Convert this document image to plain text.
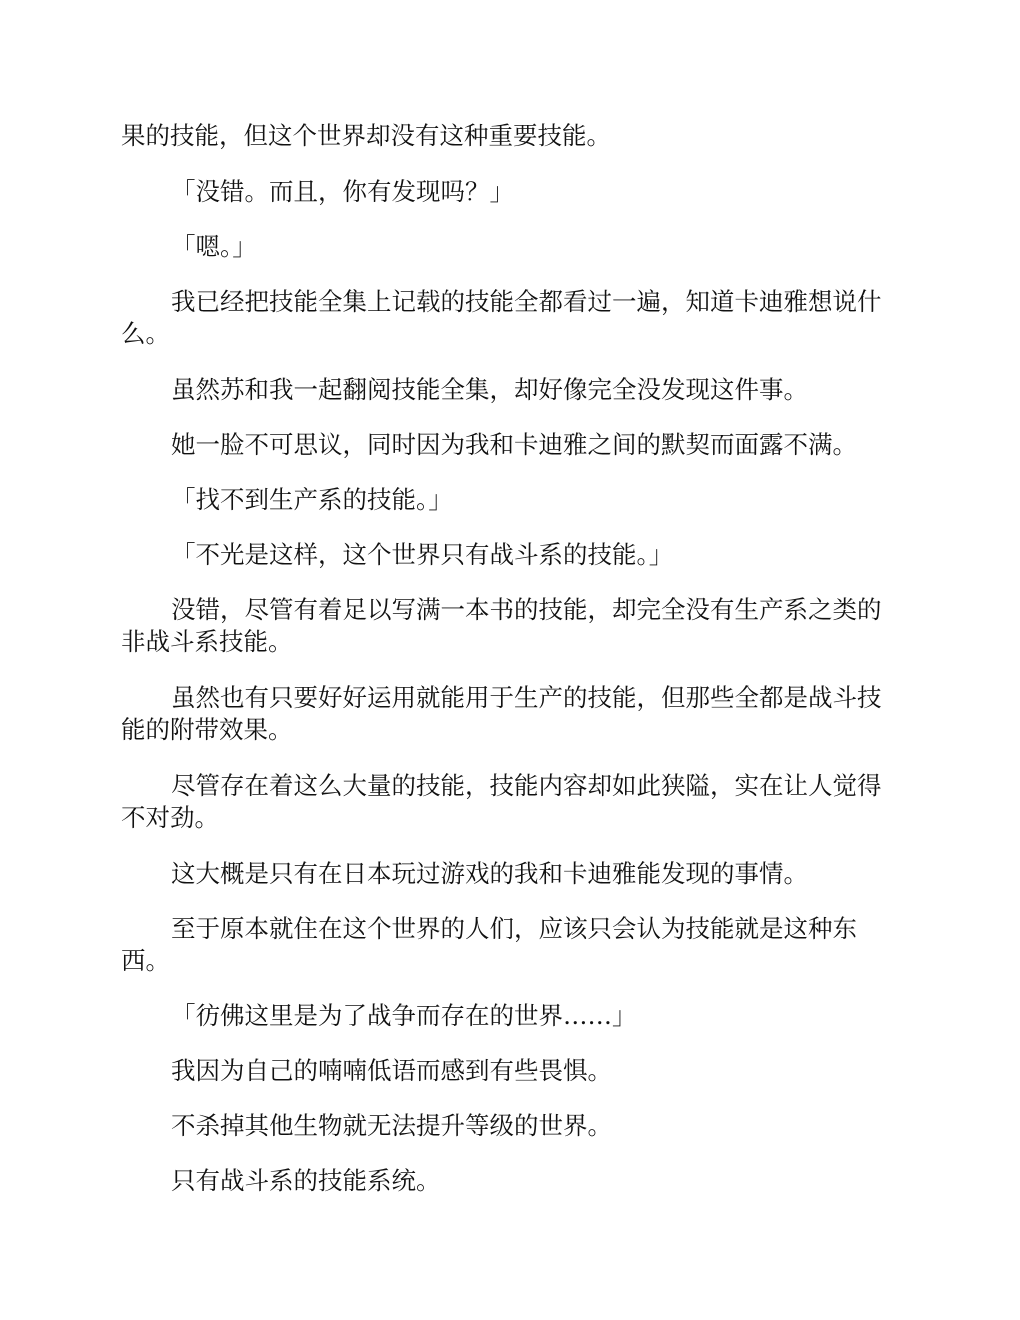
果的技能，但这个世界却没有这种重要技能。

「没错。而且，你有发现吗？」

「嗯。」

我已经把技能全集上记载的技能全都看过一遍，知道卡迪雅想说什么。

虽然苏和我一起翻阅技能全集，却好像完全没发现这件事。

她一脸不可思议，同时因为我和卡迪雅之间的默契而面露不满。

「找不到生产系的技能。」

「不光是这样，这个世界只有战斗系的技能。」

没错，尽管有着足以写满一本书的技能，却完全没有生产系之类的非战斗系技能。

虽然也有只要好好运用就能用于生产的技能，但那些全都是战斗技能的附带效果。

尽管存在着这么大量的技能，技能内容却如此狭隘，实在让人觉得不对劲。

这大概是只有在日本玩过游戏的我和卡迪雅能发现的事情。

至于原本就住在这个世界的人们，应该只会认为技能就是这种东西。

「彷佛这里是为了战争而存在的世界……」

我因为自己的喃喃低语而感到有些畏惧。

不杀掉其他生物就无法提升等级的世界。

只有战斗系的技能系统。
